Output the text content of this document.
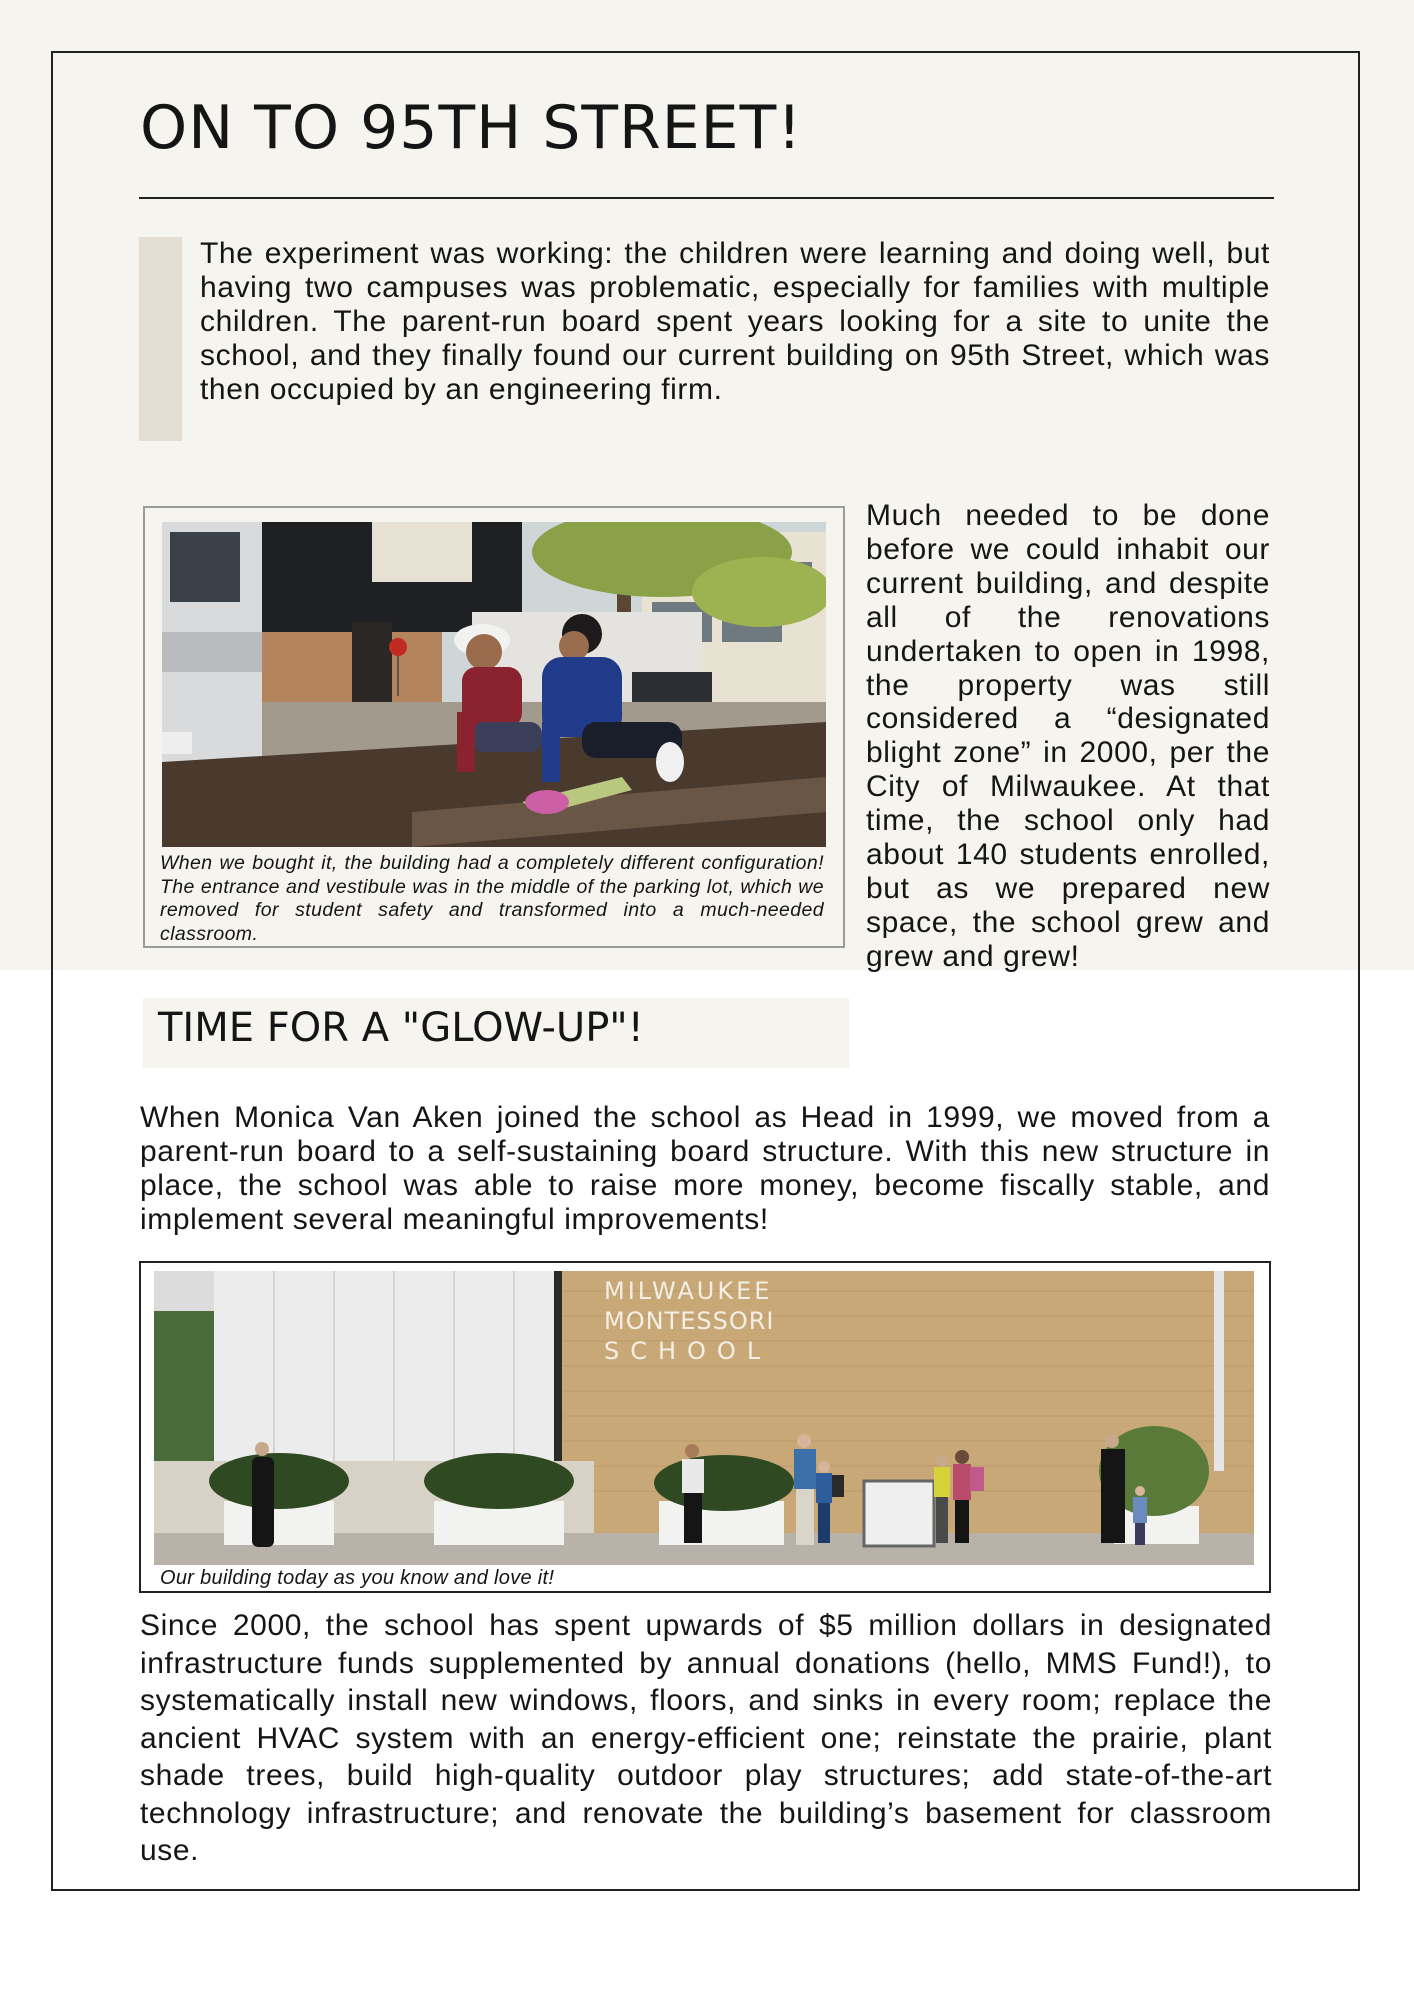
ON TO 95TH STREET!

The experiment was working: the children were learning and doing well, but having two campuses was problematic, especially for families with multiple children. The parent-run board spent years looking for a site to unite the school, and they finally found our current building on 95th Street, which was then occupied by an engineering firm.

When we bought it, the building had a completely different configuration! The entrance and vestibule was in the middle of the parking lot, which we removed for student safety and transformed into a much-needed classroom.

Much needed to be done before we could inhabit our current building, and despite all of the renovations undertaken to open in 1998, the property was still considered a “designated blight zone” in 2000, per the City of Milwaukee. At that time, the school only had about 140 students enrolled, but as we prepared new space, the school grew and grew and grew!

TIME FOR A "GLOW-UP"!

When Monica Van Aken joined the school as Head in 1999, we moved from a parent-run board to a self-sustaining board structure. With this new structure in place, the school was able to raise more money, become fiscally stable, and implement several meaningful improvements!

MILWAUKEE
MONTESSORI
SCHOOL

Our building today as you know and love it!

Since 2000, the school has spent upwards of $5 million dollars in designated infrastructure funds supplemented by annual donations (hello, MMS Fund!), to systematically install new windows, floors, and sinks in every room; replace the ancient HVAC system with an energy-efficient one; reinstate the prairie, plant shade trees, build high-quality outdoor play structures; add state-of-the-art technology infrastructure; and renovate the building’s basement for classroom use.
